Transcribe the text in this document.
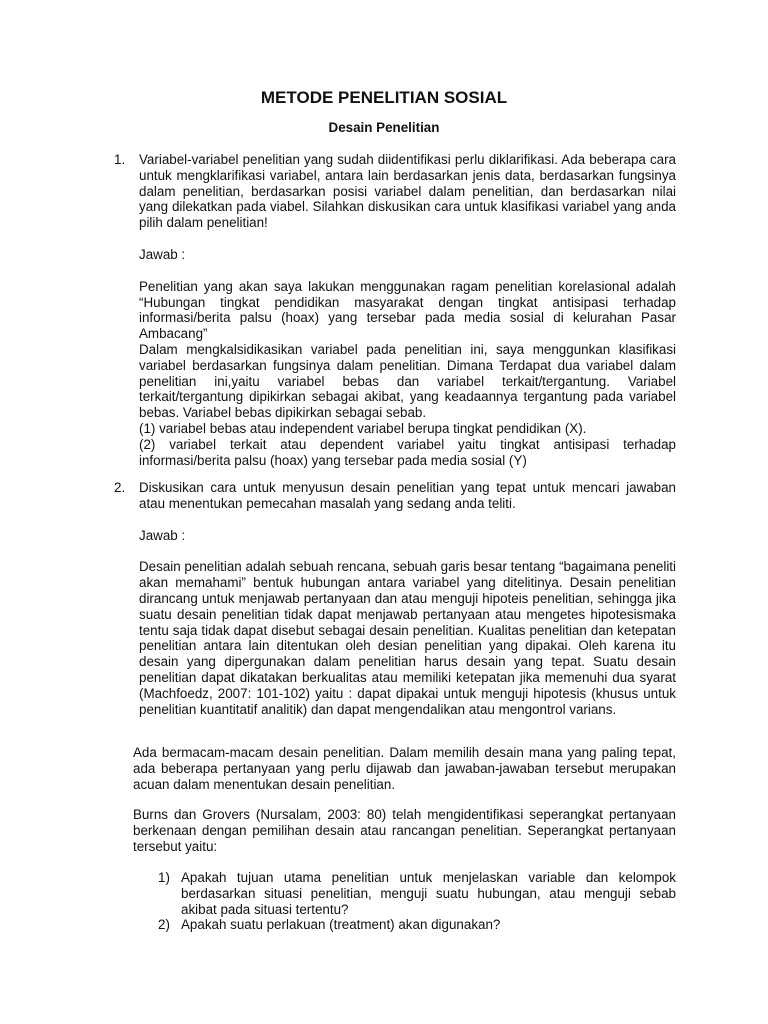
METODE PENELITIAN SOSIAL
Desain Penelitian
1.	Variabel-variabel penelitian yang sudah diidentifikasi perlu diklarifikasi. Ada beberapa cara untuk mengklarifikasi variabel, antara lain berdasarkan jenis data, berdasarkan fungsinya dalam penelitian, berdasarkan posisi variabel dalam penelitian, dan berdasarkan nilai yang dilekatkan pada viabel. Silahkan diskusikan cara untuk klasifikasi variabel yang anda pilih dalam penelitian!

Jawab :

Penelitian yang akan saya lakukan menggunakan ragam penelitian korelasional adalah “Hubungan tingkat pendidikan masyarakat dengan tingkat antisipasi terhadap informasi/berita palsu (hoax) yang tersebar pada media sosial di kelurahan Pasar Ambacang”

Dalam mengkalsidikasikan variabel pada penelitian ini, saya menggunkan klasifikasi variabel berdasarkan fungsinya dalam penelitian. Dimana Terdapat dua variabel dalam penelitian ini,yaitu variabel bebas dan variabel terkait/tergantung. Variabel terkait/tergantung dipikirkan sebagai akibat, yang keadaannya tergantung pada variabel bebas. Variabel bebas dipikirkan sebagai sebab.

(1) variabel bebas atau independent variabel berupa tingkat pendidikan (X).

(2) variabel terkait atau dependent variabel yaitu tingkat antisipasi terhadap informasi/berita palsu (hoax) yang tersebar pada media sosial (Y)

2.	Diskusikan cara untuk menyusun desain penelitian yang tepat untuk mencari jawaban atau menentukan pemecahan masalah yang sedang anda teliti.

Jawab :

Desain penelitian adalah sebuah rencana, sebuah garis besar tentang “bagaimana peneliti akan memahami” bentuk hubungan antara variabel yang ditelitinya. Desain penelitian dirancang untuk menjawab pertanyaan dan atau menguji hipoteis penelitian, sehingga jika suatu desain penelitian tidak dapat menjawab pertanyaan atau mengetes hipotesismaka tentu saja tidak dapat disebut sebagai desain penelitian. Kualitas penelitian dan ketepatan penelitian antara lain ditentukan oleh desian penelitian yang dipakai. Oleh karena itu desain yang dipergunakan dalam penelitian harus desain yang tepat. Suatu desain penelitian dapat dikatakan berkualitas atau memiliki ketepatan jika memenuhi dua syarat (Machfoedz, 2007: 101-102) yaitu : dapat dipakai untuk menguji hipotesis (khusus untuk penelitian kuantitatif analitik) dan dapat mengendalikan atau mengontrol varians.

Ada bermacam-macam desain penelitian. Dalam memilih desain mana yang paling tepat, ada beberapa pertanyaan yang perlu dijawab dan jawaban-jawaban tersebut merupakan acuan dalam menentukan desain penelitian.

Burns dan Grovers (Nursalam, 2003: 80) telah mengidentifikasi seperangkat pertanyaan berkenaan dengan pemilihan desain atau rancangan penelitian. Seperangkat pertanyaan tersebut yaitu:

1) Apakah tujuan utama penelitian untuk menjelaskan variable dan kelompok berdasarkan situasi penelitian, menguji suatu hubungan, atau menguji sebab akibat pada situasi tertentu?
2) Apakah suatu perlakuan (treatment) akan digunakan?
